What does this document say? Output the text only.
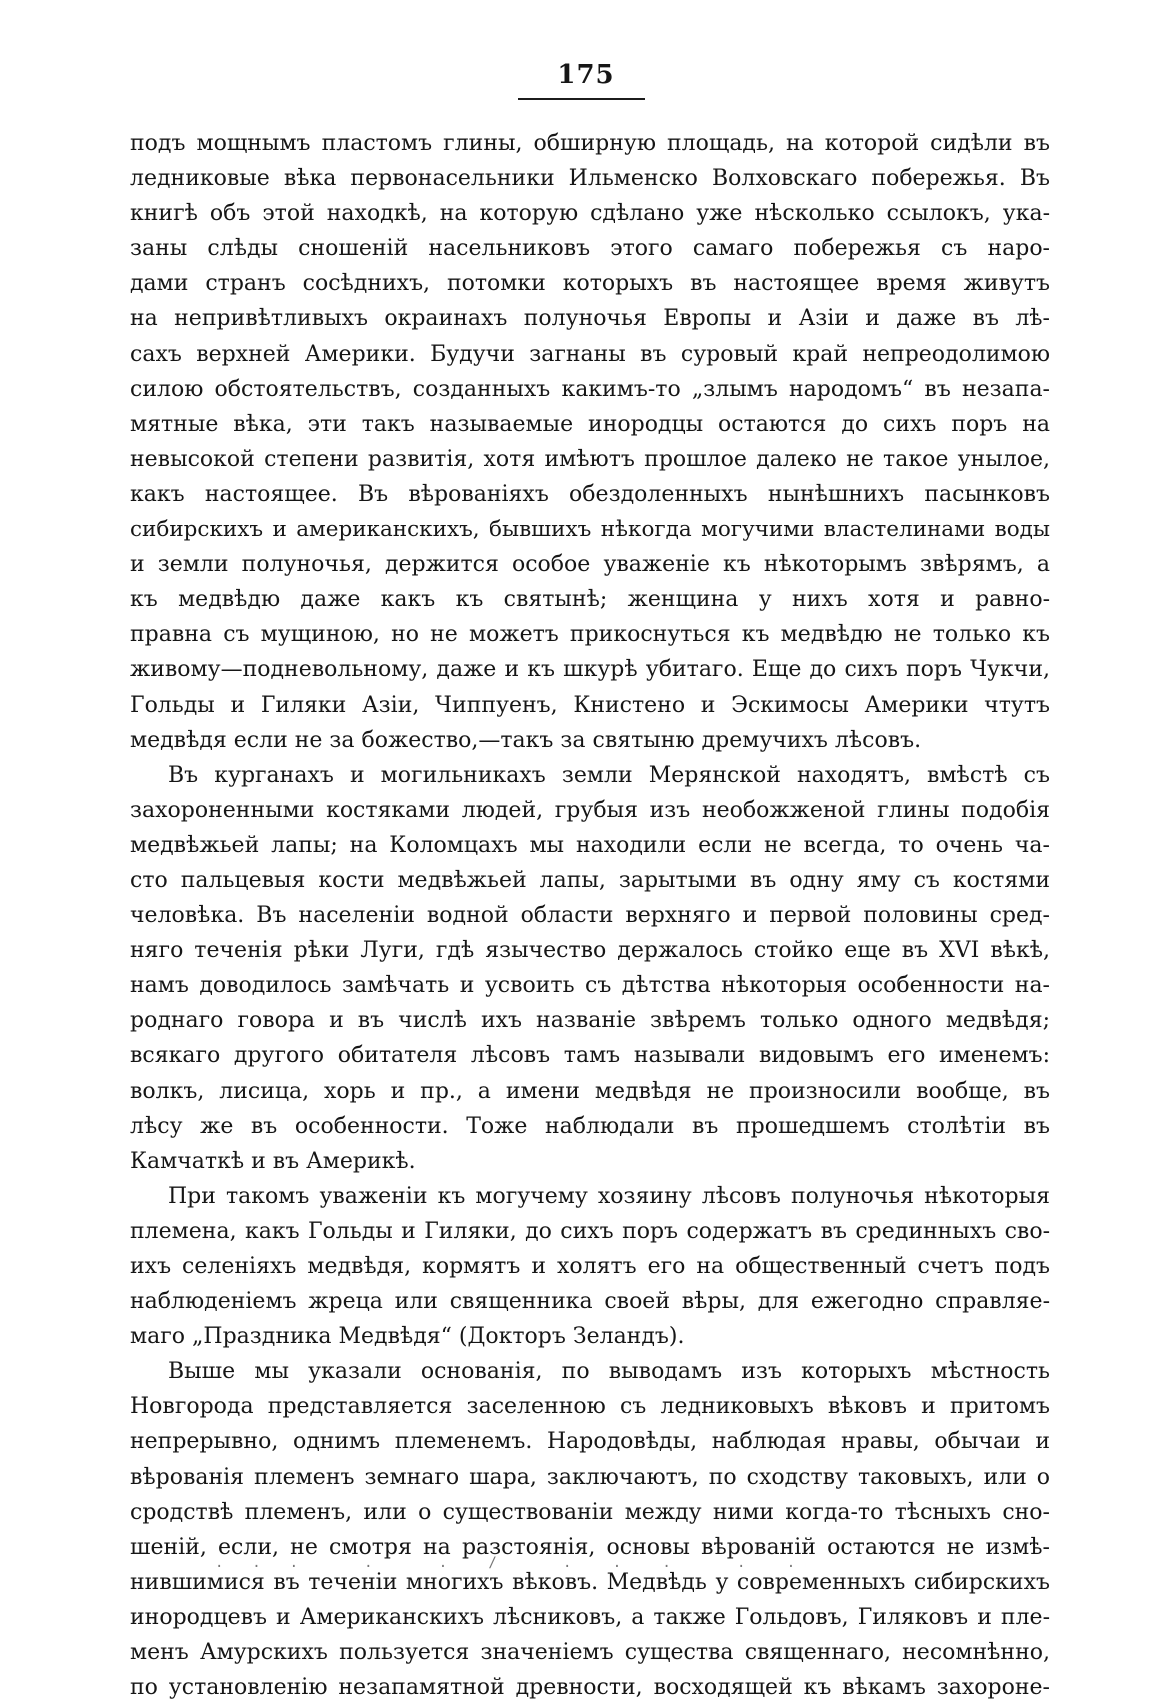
175
подъ мощнымъ пластомъ глины, обширную площадь, на которой сидѣли въ
ледниковые вѣка первонасельники Ильменско Волховскаго побережья. Въ
книгѣ объ этой находкѣ, на которую сдѣлано уже нѣсколько ссылокъ, ука-
заны слѣды сношеній насельниковъ этого самаго побережья съ наро-
дами странъ сосѣднихъ, потомки которыхъ въ настоящее время живутъ
на непривѣтливыхъ окраинахъ полуночья Европы и Азіи и даже въ лѣ-
сахъ верхней Америки. Будучи загнаны въ суровый край непреодолимою
силою обстоятельствъ, созданныхъ какимъ-то „злымъ народомъ“ въ незапа-
мятные вѣка, эти такъ называемые инородцы остаются до сихъ поръ на
невысокой степени развитія, хотя имѣютъ прошлое далеко не такое унылое,
какъ настоящее. Въ вѣрованіяхъ обездоленныхъ нынѣшнихъ пасынковъ
сибирскихъ и американскихъ, бывшихъ нѣкогда могучими властелинами воды
и земли полуночья, держится особое уваженіе къ нѣкоторымъ звѣрямъ, а
къ медвѣдю даже какъ къ святынѣ; женщина у нихъ хотя и равно-
правна съ мущиною, но не можетъ прикоснуться къ медвѣдю не только къ
живому—подневольному, даже и къ шкурѣ убитаго. Еще до сихъ поръ Чукчи,
Гольды и Гиляки Азіи, Чиппуенъ, Книстено и Эскимосы Америки чтутъ
медвѣдя если не за божество,—такъ за святыню дремучихъ лѣсовъ.
Въ курганахъ и могильникахъ земли Мерянской находятъ, вмѣстѣ съ
захороненными костяками людей, грубыя изъ необожженой глины подобія
медвѣжьей лапы; на Коломцахъ мы находили если не всегда, то очень ча-
сто пальцевыя кости медвѣжьей лапы, зарытыми въ одну яму съ костями
человѣка. Въ населеніи водной области верхняго и первой половины сред-
няго теченія рѣки Луги, гдѣ язычество держалось стойко еще въ XVI вѣкѣ,
намъ доводилось замѣчать и усвоить съ дѣтства нѣкоторыя особенности на-
роднаго говора и въ числѣ ихъ названіе звѣремъ только одного медвѣдя;
всякаго другого обитателя лѣсовъ тамъ называли видовымъ его именемъ:
волкъ, лисица, хорь и пр., а имени медвѣдя не произносили вообще, въ
лѣсу же въ особенности. Тоже наблюдали въ прошедшемъ столѣтіи въ
Камчаткѣ и въ Америкѣ.
При такомъ уваженіи къ могучему хозяину лѣсовъ полуночья нѣкоторыя
племена, какъ Гольды и Гиляки, до сихъ поръ содержатъ въ срединныхъ сво-
ихъ селеніяхъ медвѣдя, кормятъ и холятъ его на общественный счетъ подъ
наблюденіемъ жреца или священника своей вѣры, для ежегодно справляе-
маго „Праздника Медвѣдя“ (Докторъ Зеландъ).
Выше мы указали основанія, по выводамъ изъ которыхъ мѣстность
Новгорода представляется заселенною съ ледниковыхъ вѣковъ и притомъ
непрерывно, однимъ племенемъ. Народовѣды, наблюдая нравы, обычаи и
вѣрованія племенъ земнаго шара, заключаютъ, по сходству таковыхъ, или о
сродствѣ племенъ, или о существованіи между ними когда-то тѣсныхъ сно-
шеній, если, не смотря на разстоянія, основы вѣрованій остаются не измѣ-
нившимися въ теченіи многихъ вѣковъ. Медвѣдь у современныхъ сибирскихъ
инородцевъ и Американскихъ лѣсниковъ, а также Гольдовъ, Гиляковъ и пле-
менъ Амурскихъ пользуется значеніемъ существа священнаго, несомнѣнно,
по установленію незапамятной древности, восходящей къ вѣкамъ захороне-
.  .  .     .     .   /     .   .   .     .   .
